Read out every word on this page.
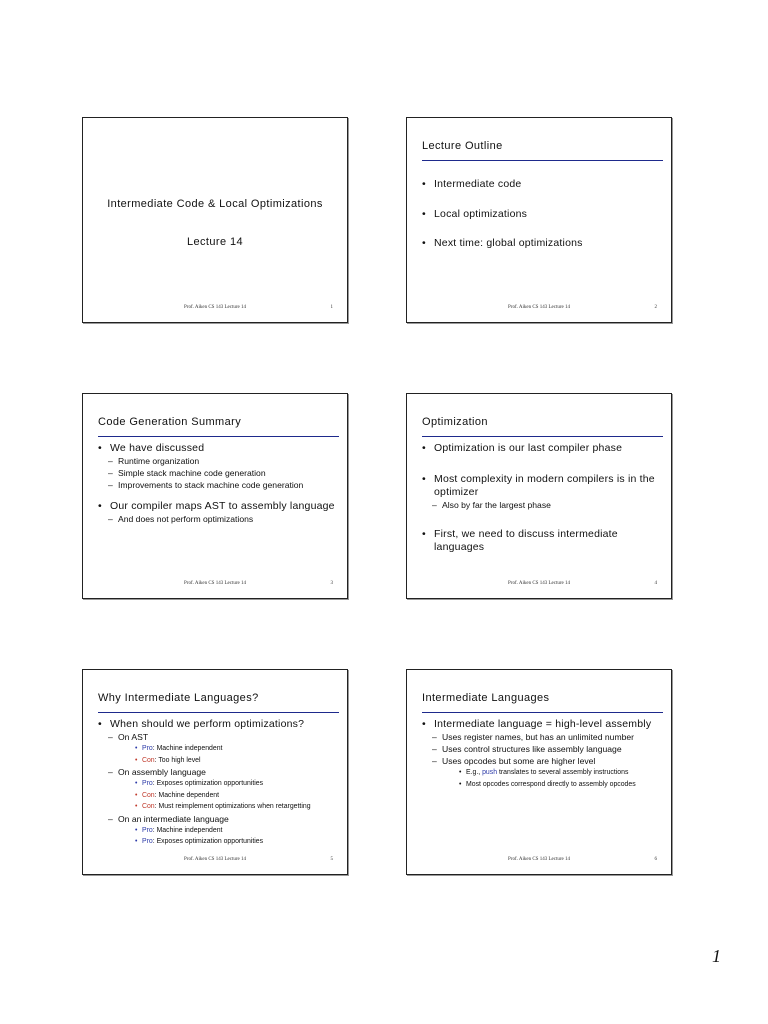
Intermediate Code & Local Optimizations
Lecture 14
Prof. Aiken CS 143 Lecture 14	1
Lecture Outline
• Intermediate code
• Local optimizations
• Next time: global optimizations
Prof. Aiken CS 143 Lecture 14	2
Code Generation Summary
• We have discussed
– Runtime organization
– Simple stack machine code generation
– Improvements to stack machine code generation
• Our compiler maps AST to assembly language
– And does not perform optimizations
Prof. Aiken CS 143 Lecture 14	3
Optimization
• Optimization is our last compiler phase
• Most complexity in modern compilers is in the optimizer
– Also by far the largest phase
• First, we need to discuss intermediate languages
Prof. Aiken CS 143 Lecture 14	4
Why Intermediate Languages?
• When should we perform optimizations?
– On AST
• Pro: Machine independent
• Con: Too high level
– On assembly language
• Pro: Exposes optimization opportunities
• Con: Machine dependent
• Con: Must reimplement optimizations when retargetting
– On an intermediate language
• Pro: Machine independent
• Pro: Exposes optimization opportunities
Prof. Aiken CS 143 Lecture 14	5
Intermediate Languages
• Intermediate language = high-level assembly
– Uses register names, but has an unlimited number
– Uses control structures like assembly language
– Uses opcodes but some are higher level
• E.g., push translates to several assembly instructions
• Most opcodes correspond directly to assembly opcodes
Prof. Aiken CS 143 Lecture 14	6
1
